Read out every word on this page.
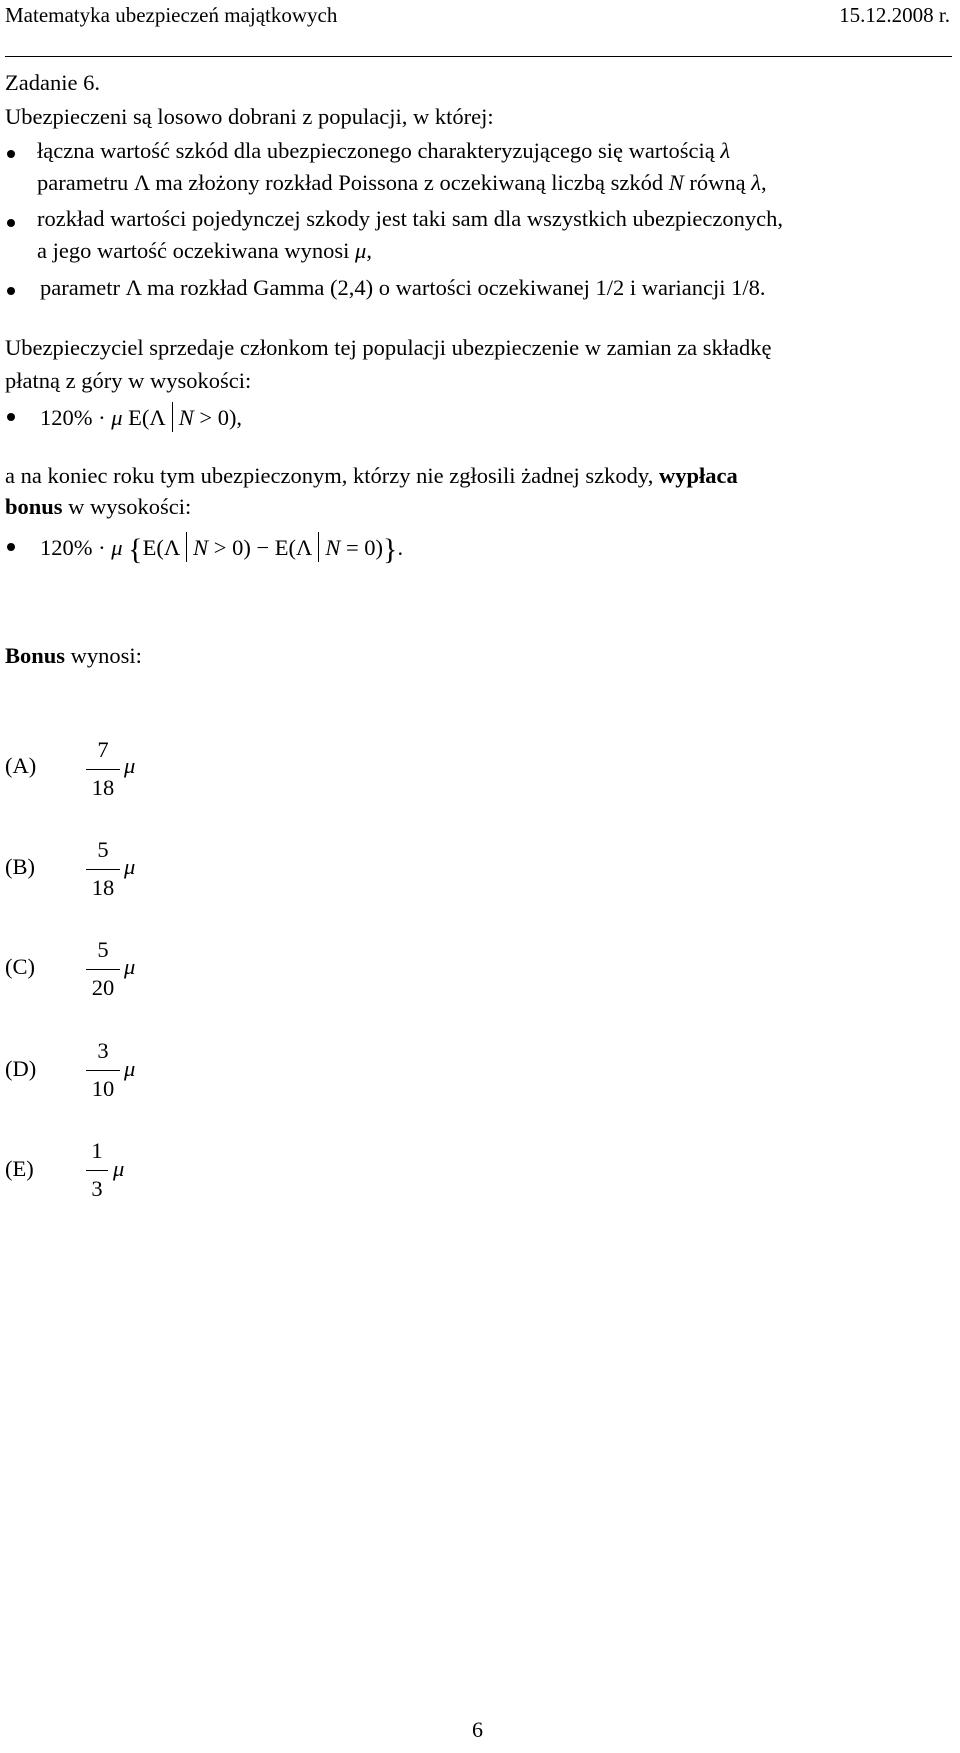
Matematyka ubezpieczeń majątkowych	15.12.2008 r.
Zadanie 6.
Ubezpieczeni są losowo dobrani z populacji, w której:
łączna wartość szkód dla ubezpieczonego charakteryzującego się wartością λ
parametru Λ ma złożony rozkład Poissona z oczekiwaną liczbą szkód N równą λ,
rozkład wartości pojedynczej szkody jest taki sam dla wszystkich ubezpieczonych,
a jego wartość oczekiwana wynosi μ,
parametr Λ ma rozkład Gamma (2,4) o wartości oczekiwanej 1/2 i wariancji 1/8.
Ubezpieczyciel sprzedaje członkom tej populacji ubezpieczenie w zamian za składkę
płatną z góry w wysokości:
120% · μ E(Λ N > 0),
a na koniec roku tym ubezpieczonym, którzy nie zgłosili żadnej szkody, wypłaca
bonus w wysokości:
120% · μ {E(Λ N > 0) − E(Λ N = 0)}.
Bonus wynosi:
(A)
7
18
μ
(B)
5
18
μ
(C)
5
20
μ
(D)
3
10
μ
(E)
1
3
μ
6
